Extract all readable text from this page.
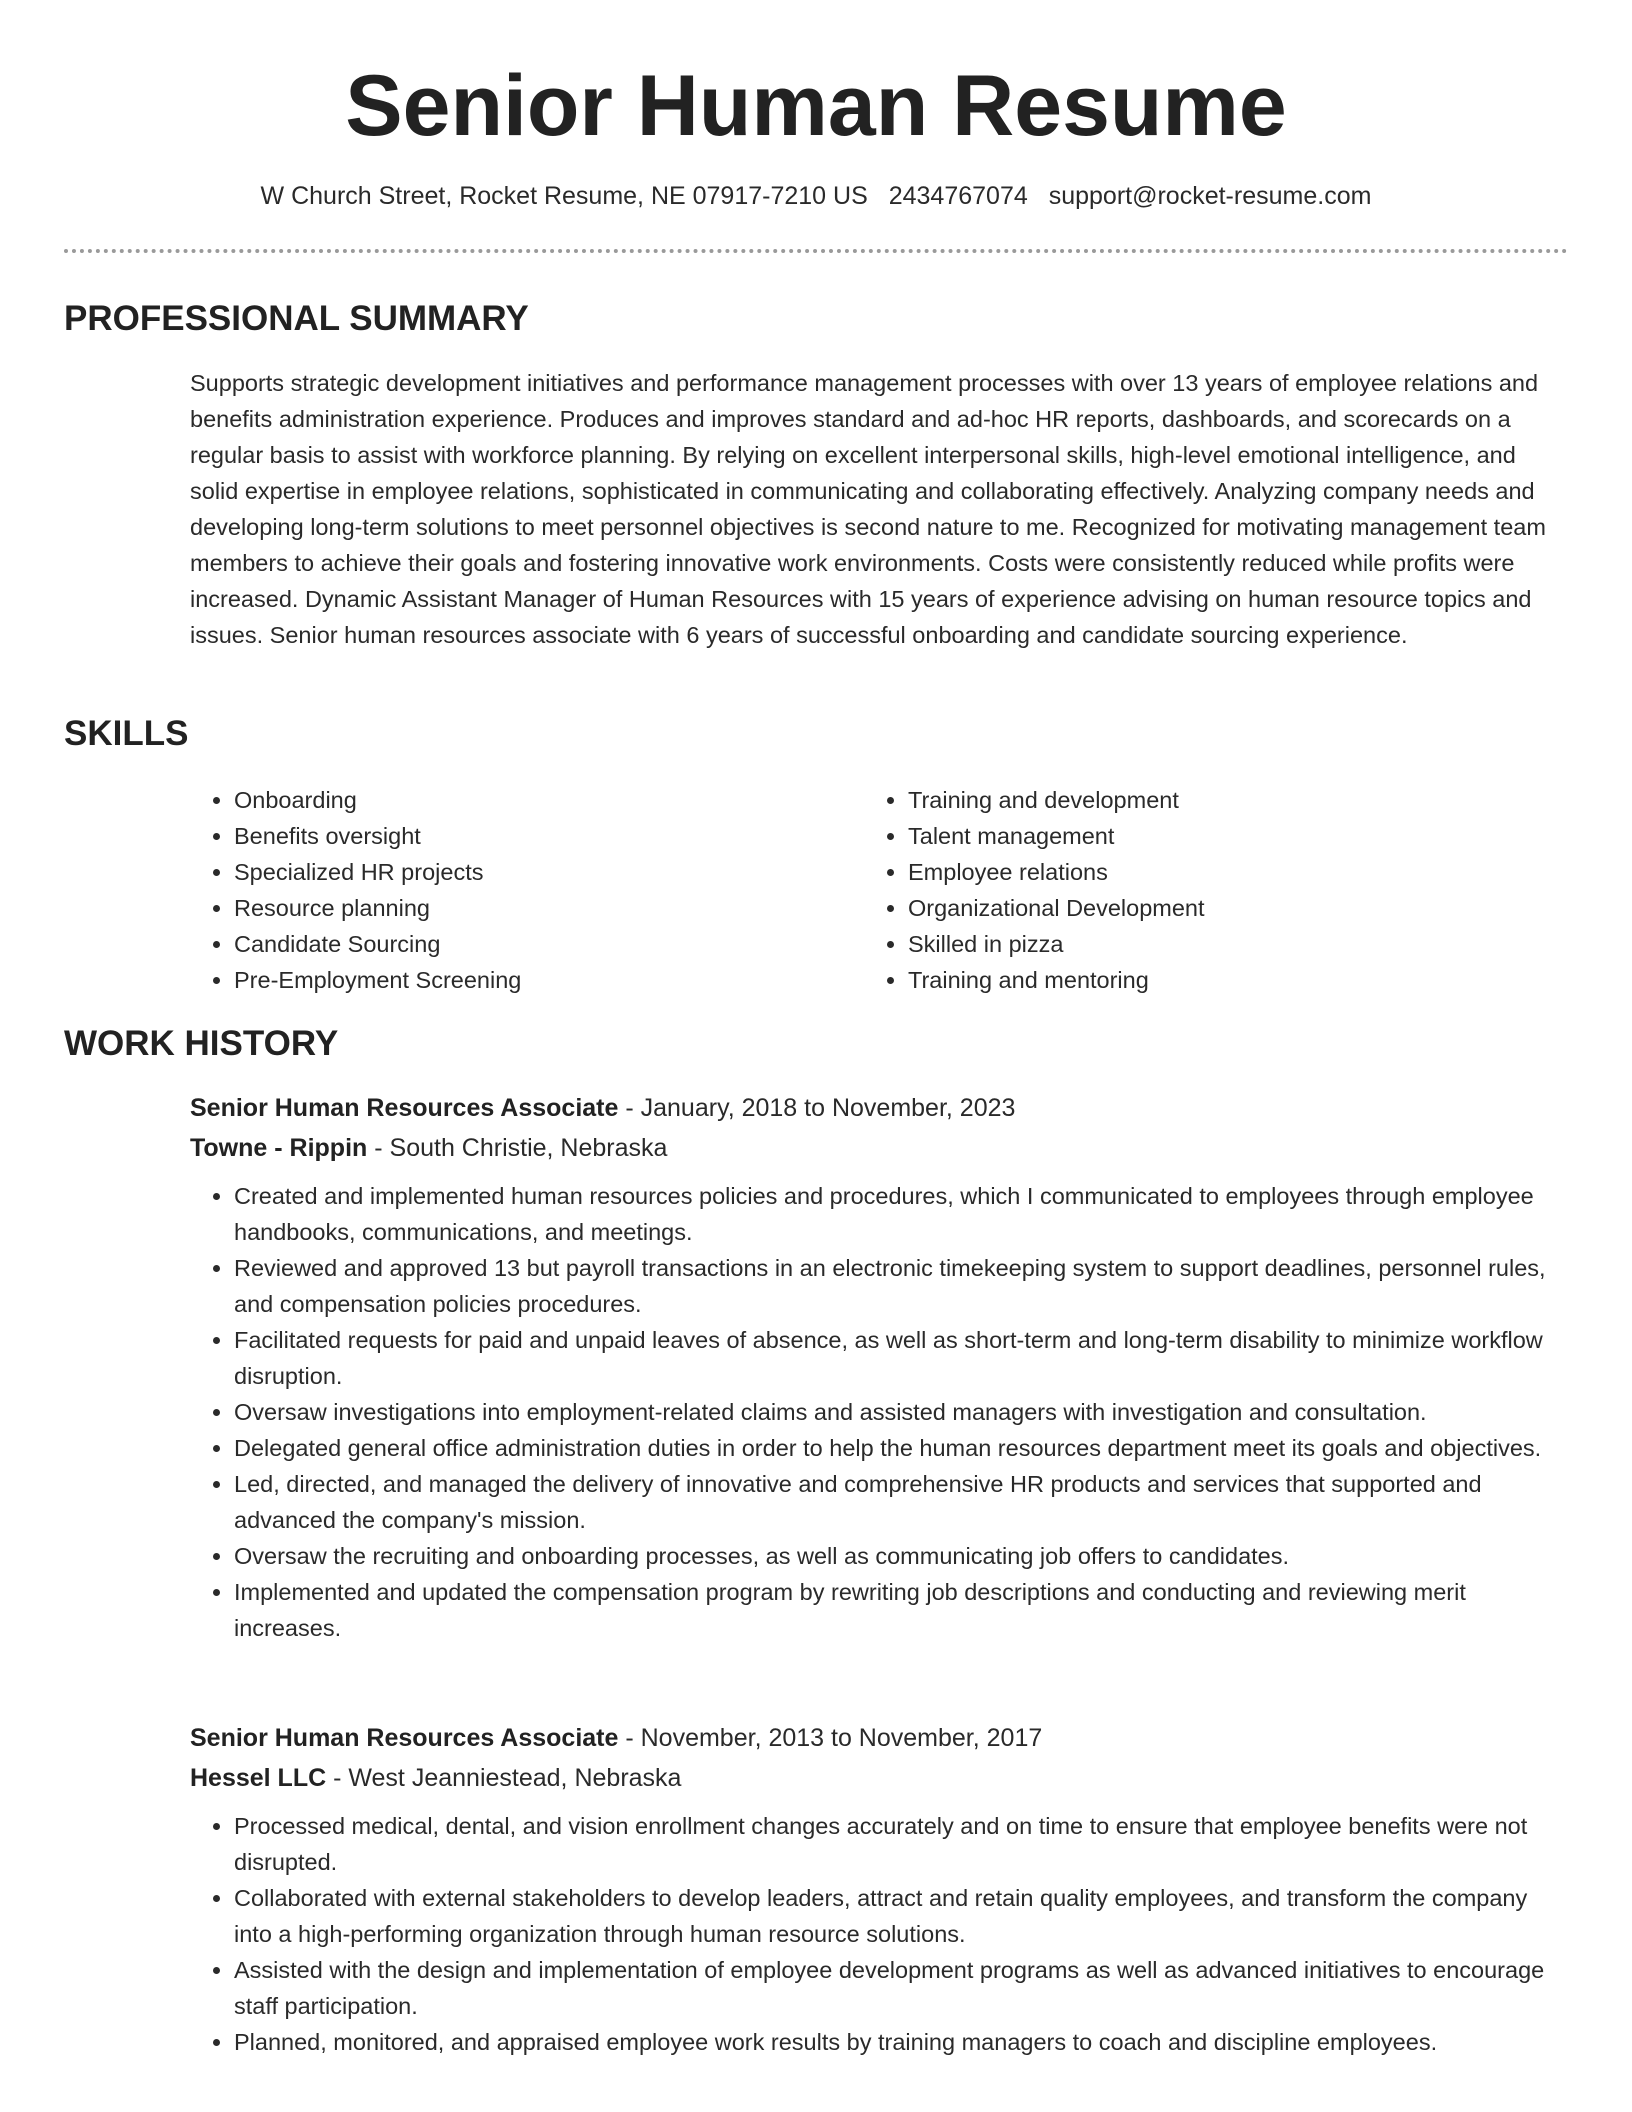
Senior Human Resume
W Church Street, Rocket Resume, NE 07917-7210 US 2434767074 support@rocket-resume.com
PROFESSIONAL SUMMARY
Supports strategic development initiatives and performance management processes with over 13 years of employee relations and benefits administration experience. Produces and improves standard and ad-hoc HR reports, dashboards, and scorecards on a regular basis to assist with workforce planning. By relying on excellent interpersonal skills, high-level emotional intelligence, and solid expertise in employee relations, sophisticated in communicating and collaborating effectively. Analyzing company needs and developing long-term solutions to meet personnel objectives is second nature to me. Recognized for motivating management team members to achieve their goals and fostering innovative work environments. Costs were consistently reduced while profits were increased. Dynamic Assistant Manager of Human Resources with 15 years of experience advising on human resource topics and issues. Senior human resources associate with 6 years of successful onboarding and candidate sourcing experience.
SKILLS
• Onboarding
• Benefits oversight
• Specialized HR projects
• Resource planning
• Candidate Sourcing
• Pre-Employment Screening
• Training and development
• Talent management
• Employee relations
• Organizational Development
• Skilled in pizza
• Training and mentoring
WORK HISTORY
Senior Human Resources Associate - January, 2018 to November, 2023
Towne - Rippin - South Christie, Nebraska
• Created and implemented human resources policies and procedures, which I communicated to employees through employee handbooks, communications, and meetings.
• Reviewed and approved 13 but payroll transactions in an electronic timekeeping system to support deadlines, personnel rules, and compensation policies procedures.
• Facilitated requests for paid and unpaid leaves of absence, as well as short-term and long-term disability to minimize workflow disruption.
• Oversaw investigations into employment-related claims and assisted managers with investigation and consultation.
• Delegated general office administration duties in order to help the human resources department meet its goals and objectives.
• Led, directed, and managed the delivery of innovative and comprehensive HR products and services that supported and advanced the company's mission.
• Oversaw the recruiting and onboarding processes, as well as communicating job offers to candidates.
• Implemented and updated the compensation program by rewriting job descriptions and conducting and reviewing merit increases.
Senior Human Resources Associate - November, 2013 to November, 2017
Hessel LLC - West Jeanniestead, Nebraska
• Processed medical, dental, and vision enrollment changes accurately and on time to ensure that employee benefits were not disrupted.
• Collaborated with external stakeholders to develop leaders, attract and retain quality employees, and transform the company into a high-performing organization through human resource solutions.
• Assisted with the design and implementation of employee development programs as well as advanced initiatives to encourage staff participation.
• Planned, monitored, and appraised employee work results by training managers to coach and discipline employees.
